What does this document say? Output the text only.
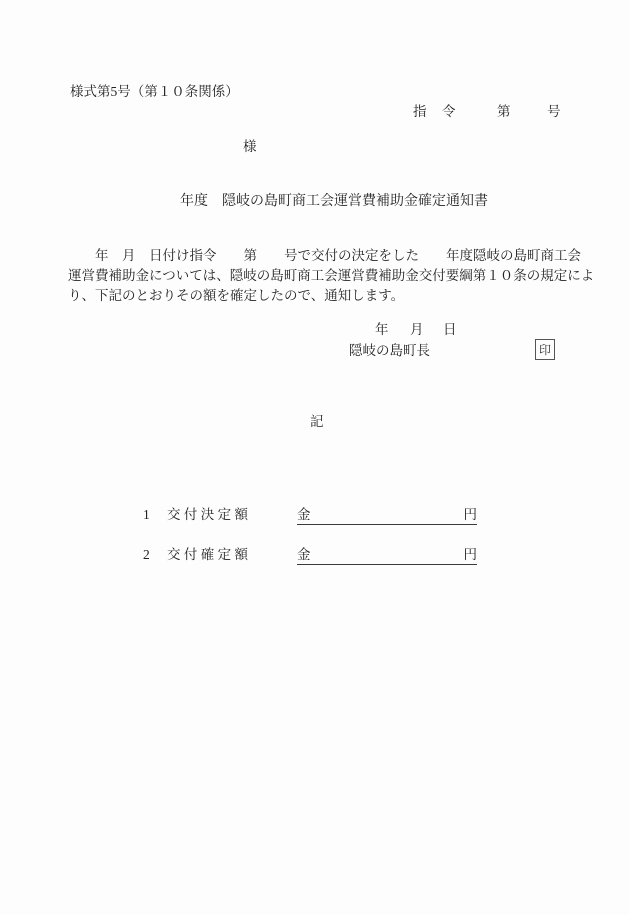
様式第5号（第１０条関係）
指　令	第	号
様
年度　隠岐の島町商工会運営費補助金確定通知書
　　年　月　日付け指令　　第　　号で交付の決定をした　　年度隠岐の島町商工会
運営費補助金については、隠岐の島町商工会運営費補助金交付要綱第１０条の規定によ
り、下記のとおりその額を確定したので、通知します。
年 月 日
隠岐の島町長	印
記
1 交 付 決 定 額	金	円
2 交 付 確 定 額	金	円
